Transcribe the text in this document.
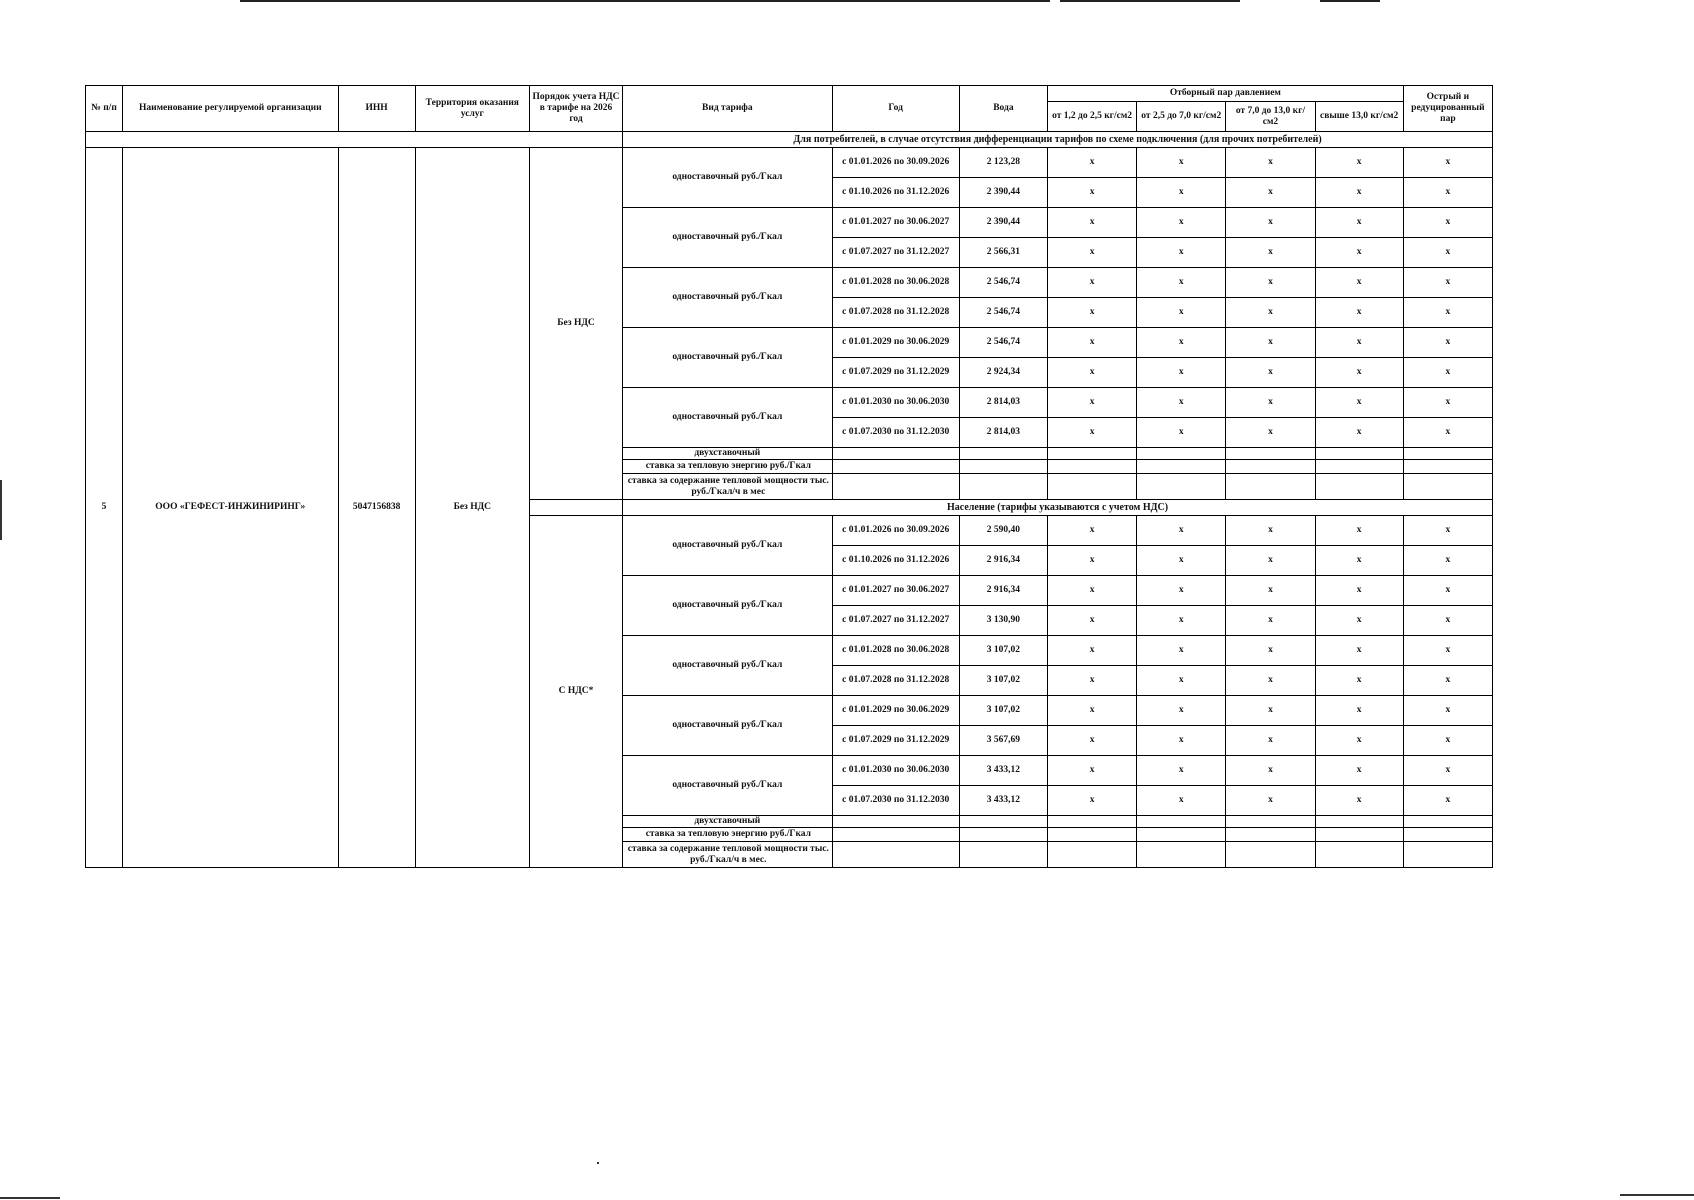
№ п/п	Наименование регулируемой организации	ИНН	Территория оказания услуг	Порядок учета НДС в тарифе на 2026 год	Вид тарифа	Год	Вода	Отборный пар давлением				Острый и редуцированный пар
								от 1,2 до 2,5 кг/см2	от 2,5 до 7,0 кг/см2	от 7,0 до 13,0 кг/см2	свыше 13,0 кг/см2	
					Для потребителей, в случае отсутствия дифференциации тарифов по схеме подключения (для прочих потребителей)							
5	ООО «ГЕФЕСТ-ИНЖИНИРИНГ»	5047156838	Без НДС	Без НДС	одноставочный руб./Гкал	с 01.01.2026 по 30.09.2026	2 123,28	x	x	x	x	x
						с 01.10.2026 по 31.12.2026	2 390,44	x	x	x	x	x
					одноставочный руб./Гкал	с 01.01.2027 по 30.06.2027	2 390,44	x	x	x	x	x
						с 01.07.2027 по 31.12.2027	2 566,31	x	x	x	x	x
					одноставочный руб./Гкал	с 01.01.2028 по 30.06.2028	2 546,74	x	x	x	x	x
						с 01.07.2028 по 31.12.2028	2 546,74	x	x	x	x	x
					одноставочный руб./Гкал	с 01.01.2029 по 30.06.2029	2 546,74	x	x	x	x	x
						с 01.07.2029 по 31.12.2029	2 924,34	x	x	x	x	x
					одноставочный руб./Гкал	с 01.01.2030 по 30.06.2030	2 814,03	x	x	x	x	x
						с 01.07.2030 по 31.12.2030	2 814,03	x	x	x	x	x
					двухставочный							
					ставка за тепловую энергию руб./Гкал							
					ставка за содержание тепловой мощности тыс. руб./Гкал/ч в мес							
					Население (тарифы указываются с учетом НДС)							
				С НДС*	одноставочный руб./Гкал	с 01.01.2026 по 30.09.2026	2 590,40	x	x	x	x	x
						с 01.10.2026 по 31.12.2026	2 916,34	x	x	x	x	x
					одноставочный руб./Гкал	с 01.01.2027 по 30.06.2027	2 916,34	x	x	x	x	x
						с 01.07.2027 по 31.12.2027	3 130,90	x	x	x	x	x
					одноставочный руб./Гкал	с 01.01.2028 по 30.06.2028	3 107,02	x	x	x	x	x
						с 01.07.2028 по 31.12.2028	3 107,02	x	x	x	x	x
					одноставочный руб./Гкал	с 01.01.2029 по 30.06.2029	3 107,02	x	x	x	x	x
						с 01.07.2029 по 31.12.2029	3 567,69	x	x	x	x	x
					одноставочный руб./Гкал	с 01.01.2030 по 30.06.2030	3 433,12	x	x	x	x	x
						с 01.07.2030 по 31.12.2030	3 433,12	x	x	x	x	x
					двухставочный							
					ставка за тепловую энергию руб./Гкал							
					ставка за содержание тепловой мощности тыс. руб./Гкал/ч в мес.							
